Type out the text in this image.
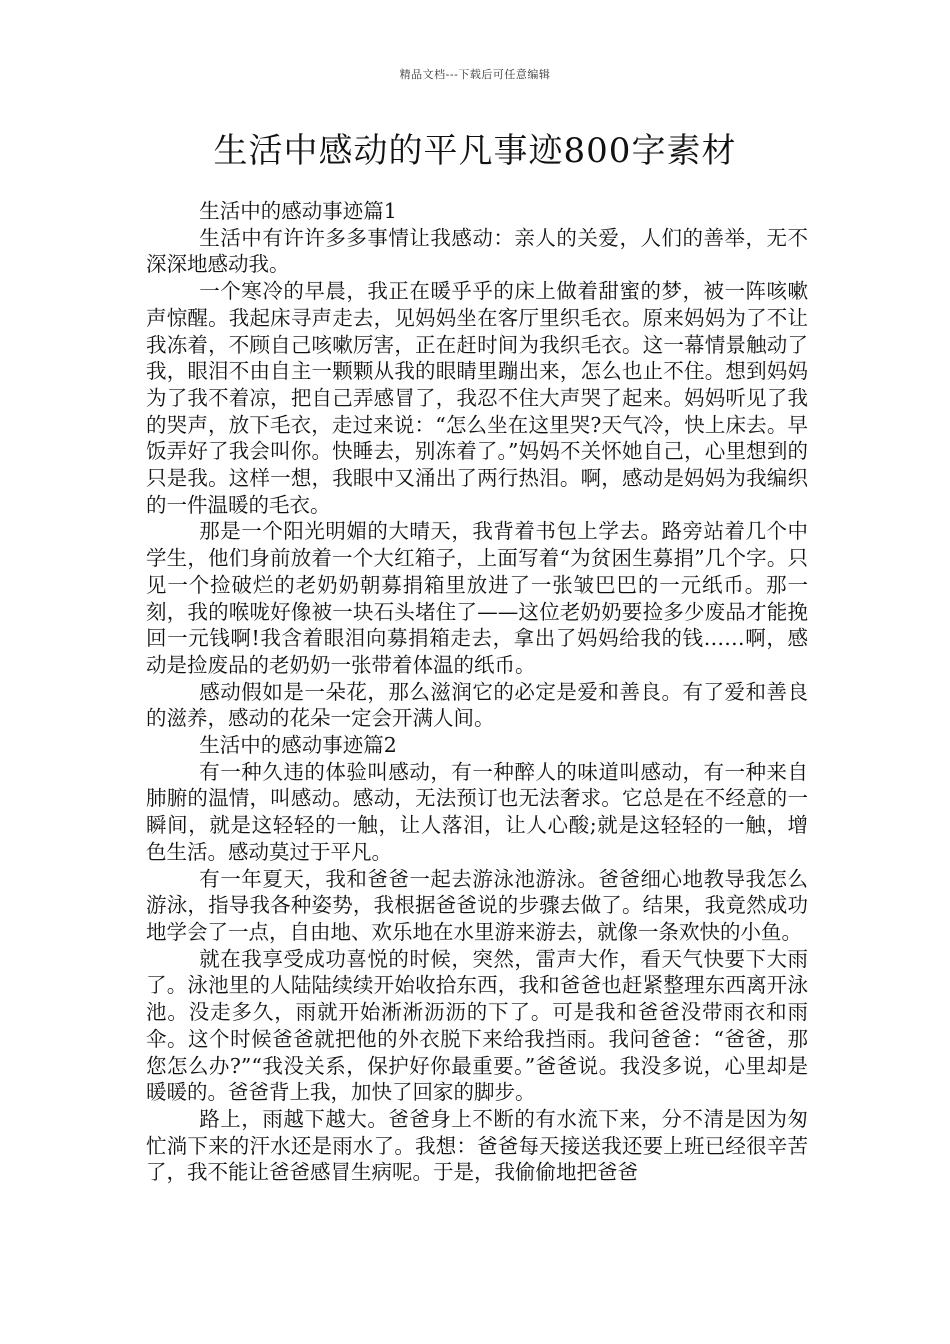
精品文档---下载后可任意编辑
生活中感动的平凡事迹800字素材

生活中的感动事迹篇1

生活中有许许多多事情让我感动：亲人的关爱，人们的善举，无不深深地感动我。

一个寒冷的早晨，我正在暖乎乎的床上做着甜蜜的梦，被一阵咳嗽声惊醒。我起床寻声走去，见妈妈坐在客厅里织毛衣。原来妈妈为了不让我冻着，不顾自己咳嗽厉害，正在赶时间为我织毛衣。这一幕情景触动了我，眼泪不由自主一颗颗从我的眼睛里蹦出来，怎么也止不住。想到妈妈为了我不着凉，把自己弄感冒了，我忍不住大声哭了起来。妈妈听见了我的哭声，放下毛衣，走过来说：“怎么坐在这里哭?天气冷，快上床去。早饭弄好了我会叫你。快睡去，别冻着了。”妈妈不关怀她自己，心里想到的只是我。这样一想，我眼中又涌出了两行热泪。啊，感动是妈妈为我编织的一件温暖的毛衣。

那是一个阳光明媚的大晴天，我背着书包上学去。路旁站着几个中学生，他们身前放着一个大红箱子，上面写着“为贫困生募捐”几个字。只见一个捡破烂的老奶奶朝募捐箱里放进了一张皱巴巴的一元纸币。那一刻，我的喉咙好像被一块石头堵住了——这位老奶奶要捡多少废品才能挽回一元钱啊!我含着眼泪向募捐箱走去，拿出了妈妈给我的钱……啊，感动是捡废品的老奶奶一张带着体温的纸币。

感动假如是一朵花，那么滋润它的必定是爱和善良。有了爱和善良的滋养，感动的花朵一定会开满人间。

生活中的感动事迹篇2

有一种久违的体验叫感动，有一种醉人的味道叫感动，有一种来自肺腑的温情，叫感动。感动，无法预订也无法奢求。它总是在不经意的一瞬间，就是这轻轻的一触，让人落泪，让人心酸;就是这轻轻的一触，增色生活。感动莫过于平凡。

有一年夏天，我和爸爸一起去游泳池游泳。爸爸细心地教导我怎么游泳，指导我各种姿势，我根据爸爸说的步骤去做了。结果，我竟然成功地学会了一点，自由地、欢乐地在水里游来游去，就像一条欢快的小鱼。

就在我享受成功喜悦的时候，突然，雷声大作，看天气快要下大雨了。泳池里的人陆陆续续开始收拾东西，我和爸爸也赶紧整理东西离开泳池。没走多久，雨就开始淅淅沥沥的下了。可是我和爸爸没带雨衣和雨伞。这个时候爸爸就把他的外衣脱下来给我挡雨。我问爸爸：“爸爸，那您怎么办?”“我没关系，保护好你最重要。”爸爸说。我没多说，心里却是暖暖的。爸爸背上我，加快了回家的脚步。

路上，雨越下越大。爸爸身上不断的有水流下来，分不清是因为匆忙淌下来的汗水还是雨水了。我想：爸爸每天接送我还要上班已经很辛苦了，我不能让爸爸感冒生病呢。于是，我偷偷地把爸爸
